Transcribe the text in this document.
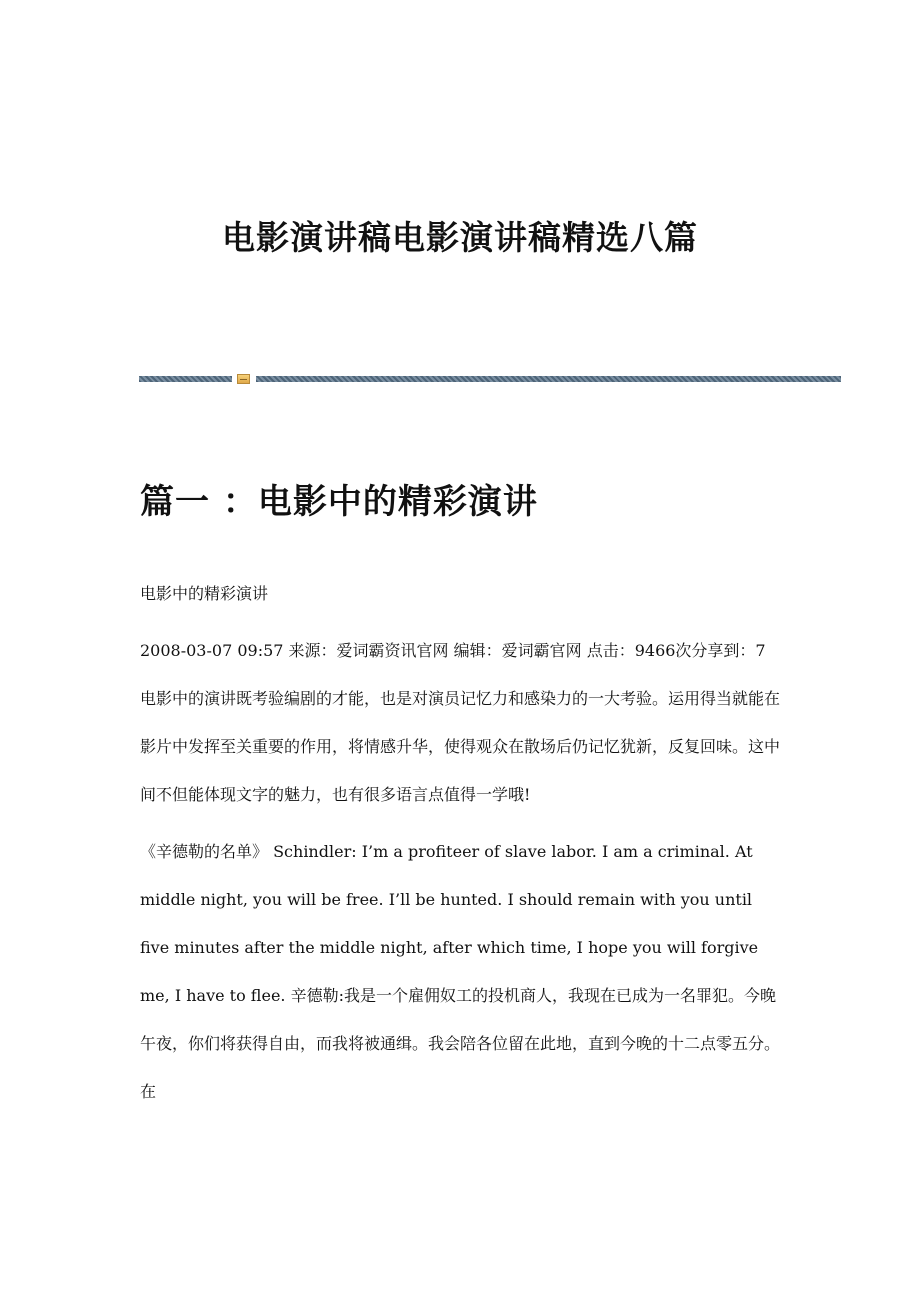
电影演讲稿电影演讲稿精选八篇
篇一 ：电影中的精彩演讲

电影中的精彩演讲

2008-03-07 09:57 来源：爱词霸资讯官网 编辑：爱词霸官网 点击：9466次分享到：7 电影中的演讲既考验编剧的才能，也是对演员记忆力和感染力的一大考验。运用得当就能在影片中发挥至关重要的作用，将情感升华，使得观众在散场后仍记忆犹新，反复回味。这中间不但能体现文字的魅力，也有很多语言点值得一学哦!

《辛德勒的名单》 Schindler: I’m a profiteer of slave labor. I am a criminal. At middle night, you will be free. I’ll be hunted. I should remain with you until five minutes after the middle night, after which time, I hope you will forgive me, I have to flee. 辛德勒:我是一个雇佣奴工的投机商人，我现在已成为一名罪犯。今晚午夜，你们将获得自由，而我将被通缉。我会陪各位留在此地，直到今晚的十二点零五分。在
